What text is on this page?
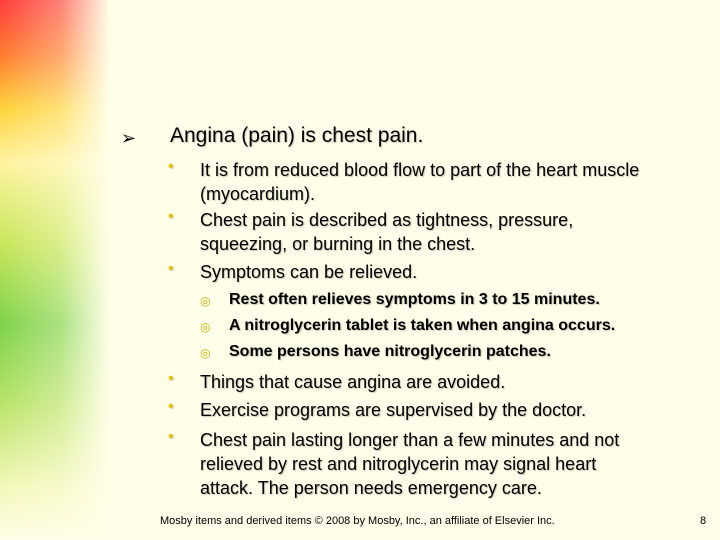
➢ Angina (pain) is chest pain.
• It is from reduced blood flow to part of the heart muscle
(myocardium).
• Chest pain is described as tightness, pressure,
squeezing, or burning in the chest.
• Symptoms can be relieved.
◎ Rest often relieves symptoms in 3 to 15 minutes.
◎ A nitroglycerin tablet is taken when angina occurs.
◎ Some persons have nitroglycerin patches.
• Things that cause angina are avoided.
• Exercise programs are supervised by the doctor.
• Chest pain lasting longer than a few minutes and not
relieved by rest and nitroglycerin may signal heart
attack. The person needs emergency care.
Mosby items and derived items © 2008 by Mosby, Inc., an affiliate of Elsevier Inc.	8
